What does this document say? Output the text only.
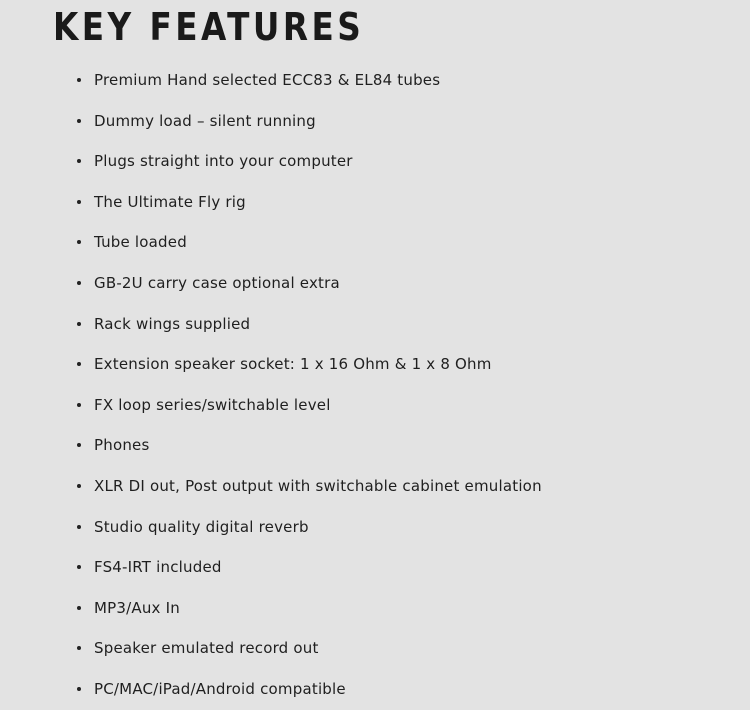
KEY FEATURES
Premium Hand selected ECC83 & EL84 tubes
Dummy load – silent running
Plugs straight into your computer
The Ultimate Fly rig
Tube loaded
GB-2U carry case optional extra
Rack wings supplied
Extension speaker socket: 1 x 16 Ohm & 1 x 8 Ohm
FX loop series/switchable level
Phones
XLR DI out, Post output with switchable cabinet emulation
Studio quality digital reverb
FS4-IRT included
MP3/Aux In
Speaker emulated record out
PC/MAC/iPad/Android compatible
